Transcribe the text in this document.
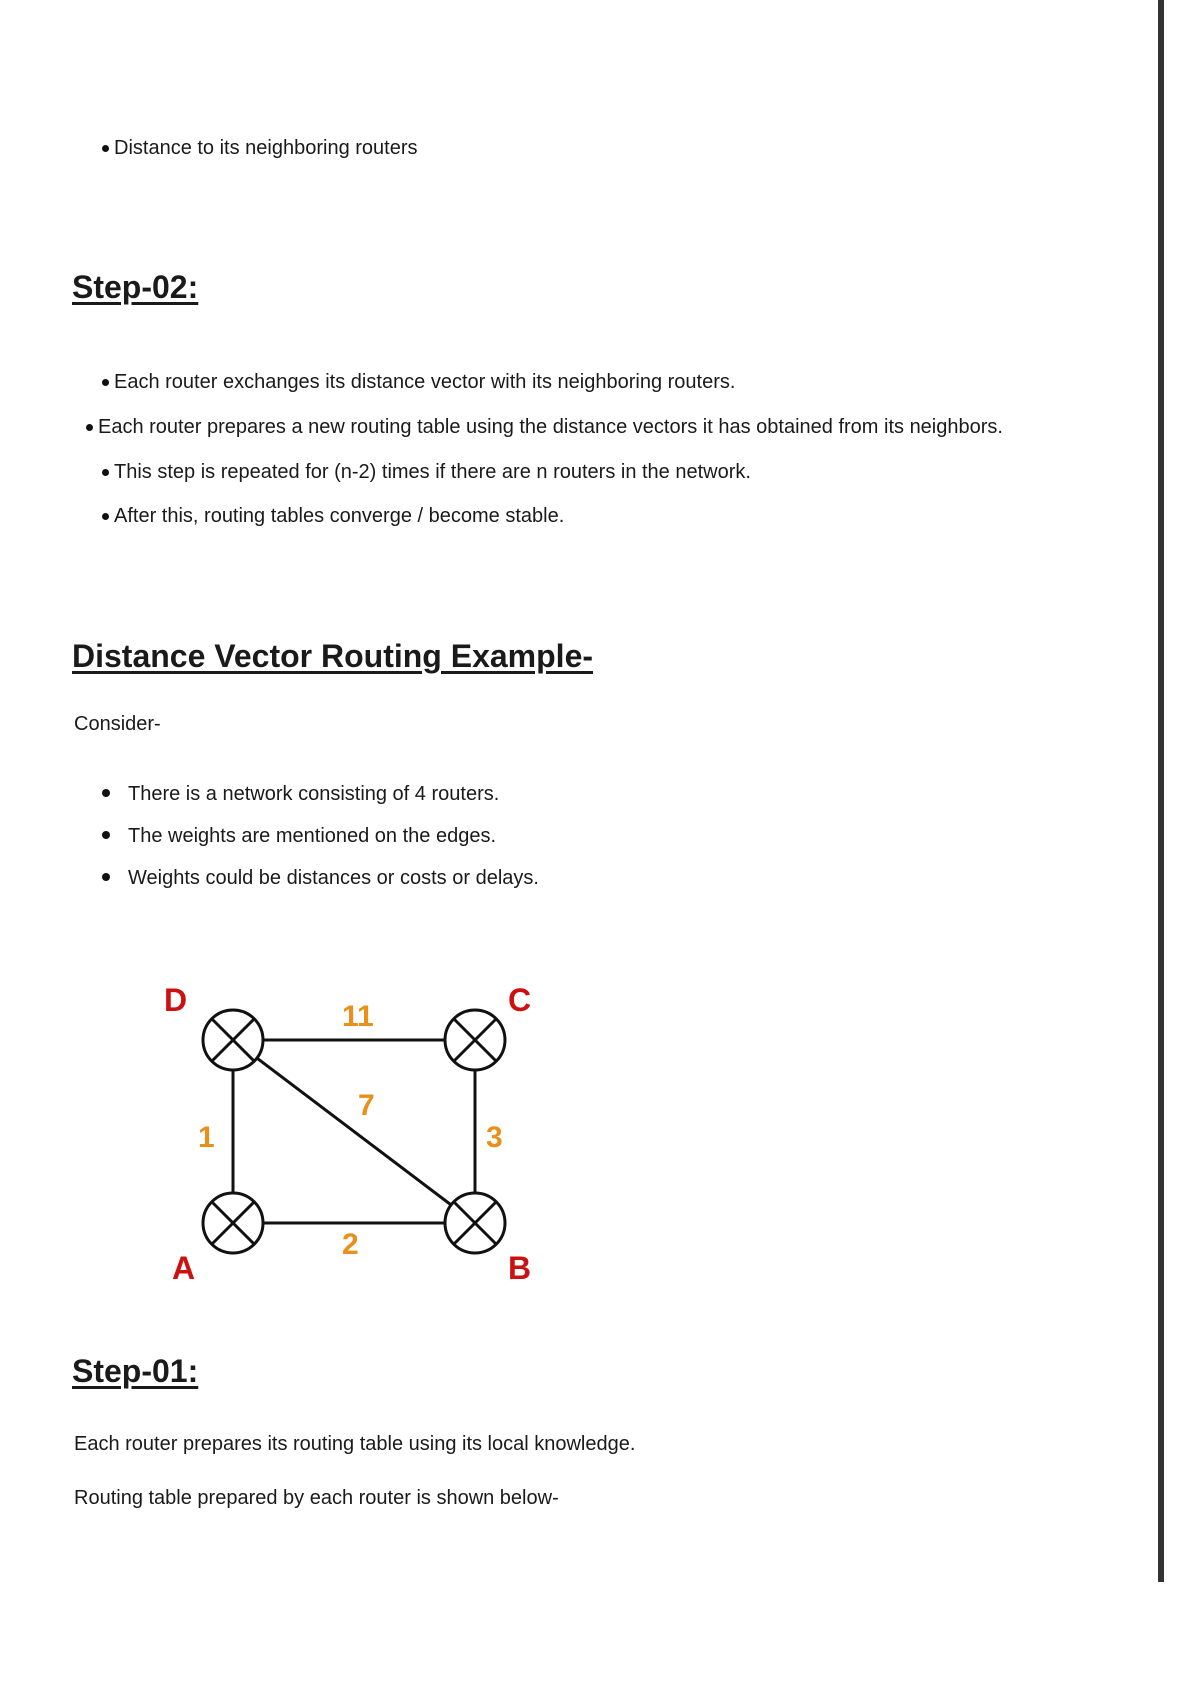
Distance to its neighboring routers
Step-02:
Each router exchanges its distance vector with its neighboring routers.
Each router prepares a new routing table using the distance vectors it has obtained from its neighbors.
This step is repeated for (n-2) times if there are n routers in the network.
After this, routing tables converge / become stable.
Distance Vector Routing Example-
Consider-
There is a network consisting of 4 routers.
The weights are mentioned on the edges.
Weights could be distances or costs or delays.
D	C
A	B
11
7
1	3
2
Step-01:
Each router prepares its routing table using its local knowledge.
Routing table prepared by each router is shown below-
